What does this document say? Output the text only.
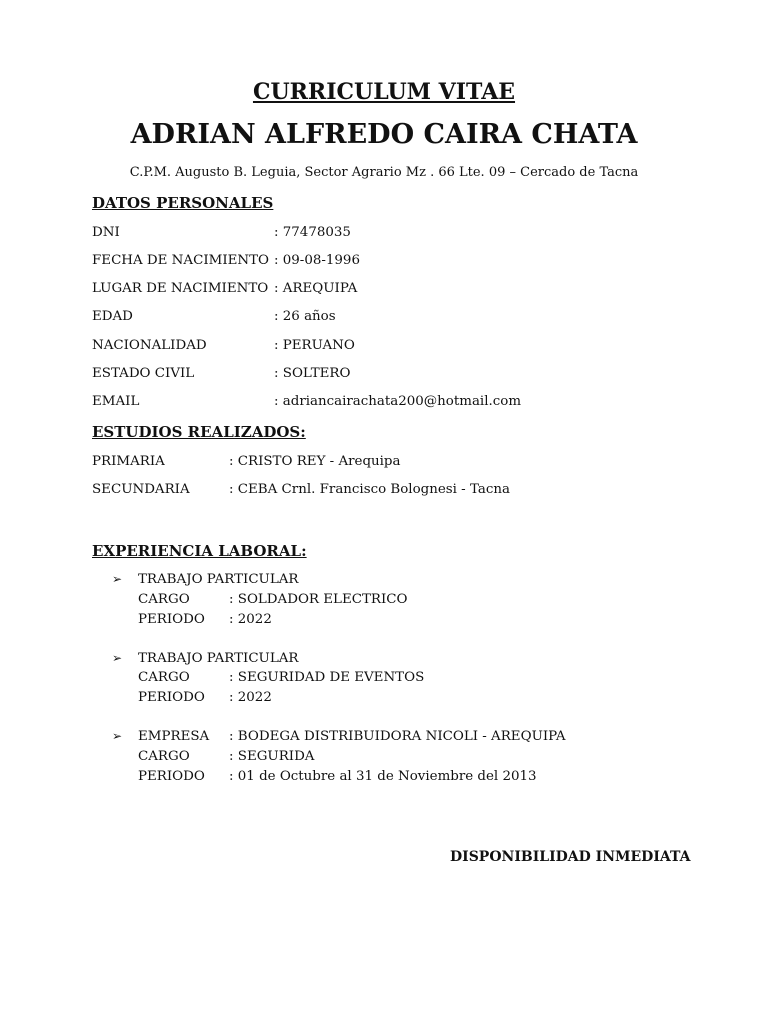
CURRICULUM VITAE
ADRIAN ALFREDO CAIRA CHATA
C.P.M. Augusto B. Leguia, Sector Agrario Mz . 66 Lte. 09 – Cercado de Tacna
DATOS PERSONALES
DNI	: 77478035
FECHA DE NACIMIENTO : 09-08-1996
LUGAR DE NACIMIENTO : AREQUIPA
EDAD	: 26 años
NACIONALIDAD	: PERUANO
ESTADO CIVIL	: SOLTERO
EMAIL	: adriancairachata200@hotmail.com
ESTUDIOS REALIZADOS:
PRIMARIA	: CRISTO REY - Arequipa
SECUNDARIA	: CEBA Crnl. Francisco Bolognesi - Tacna
EXPERIENCIA LABORAL:
➢ TRABAJO PARTICULAR
CARGO	: SOLDADOR ELECTRICO
PERIODO : 2022
➢ TRABAJO PARTICULAR
CARGO	: SEGURIDAD DE EVENTOS
PERIODO : 2022
➢ EMPRESA : BODEGA DISTRIBUIDORA NICOLI - AREQUIPA
CARGO	: SEGURIDA
PERIODO : 01 de Octubre al 31 de Noviembre del 2013
DISPONIBILIDAD INMEDIATA
